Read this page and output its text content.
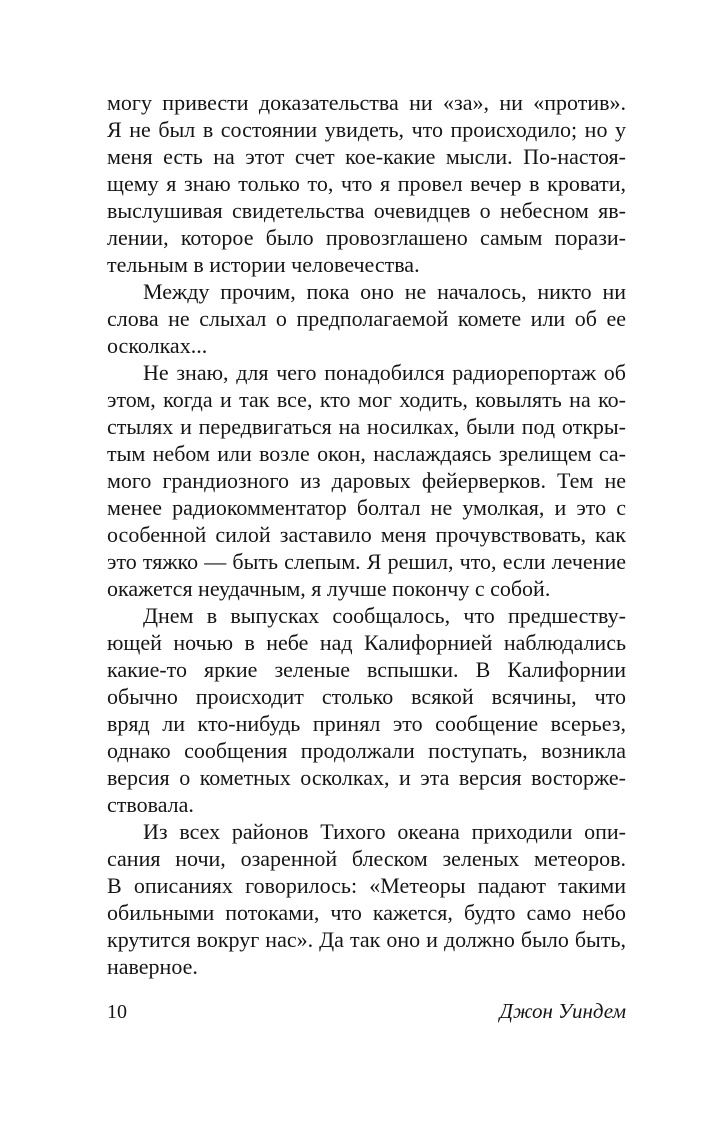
могу привести доказательства ни «за», ни «против».
Я не был в состоянии увидеть, что происходило; но у
меня есть на этот счет кое-какие мысли. По-настоя-
щему я знаю только то, что я провел вечер в кровати,
выслушивая свидетельства очевидцев о небесном яв-
лении, которое было провозглашено самым порази-
тельным в истории человечества.
Между прочим, пока оно не началось, никто ни
слова не слыхал о предполагаемой комете или об ее
осколках...
Не знаю, для чего понадобился радиорепортаж об
этом, когда и так все, кто мог ходить, ковылять на ко-
стылях и передвигаться на носилках, были под откры-
тым небом или возле окон, наслаждаясь зрелищем са-
мого грандиозного из даровых фейерверков. Тем не
менее радиокомментатор болтал не умолкая, и это с
особенной силой заставило меня прочувствовать, как
это тяжко — быть слепым. Я решил, что, если лечение
окажется неудачным, я лучше покончу с собой.
Днем в выпусках сообщалось, что предшеству-
ющей ночью в небе над Калифорнией наблюдались
какие-то яркие зеленые вспышки. В Калифорнии
обычно происходит столько всякой всячины, что
вряд ли кто-нибудь принял это сообщение всерьез,
однако сообщения продолжали поступать, возникла
версия о кометных осколках, и эта версия восторже-
ствовала.
Из всех районов Тихого океана приходили опи-
сания ночи, озаренной блеском зеленых метеоров.
В описаниях говорилось: «Метеоры падают такими
обильными потоками, что кажется, будто само небо
крутится вокруг нас». Да так оно и должно было быть,
наверное.
10	Джон Уиндем
